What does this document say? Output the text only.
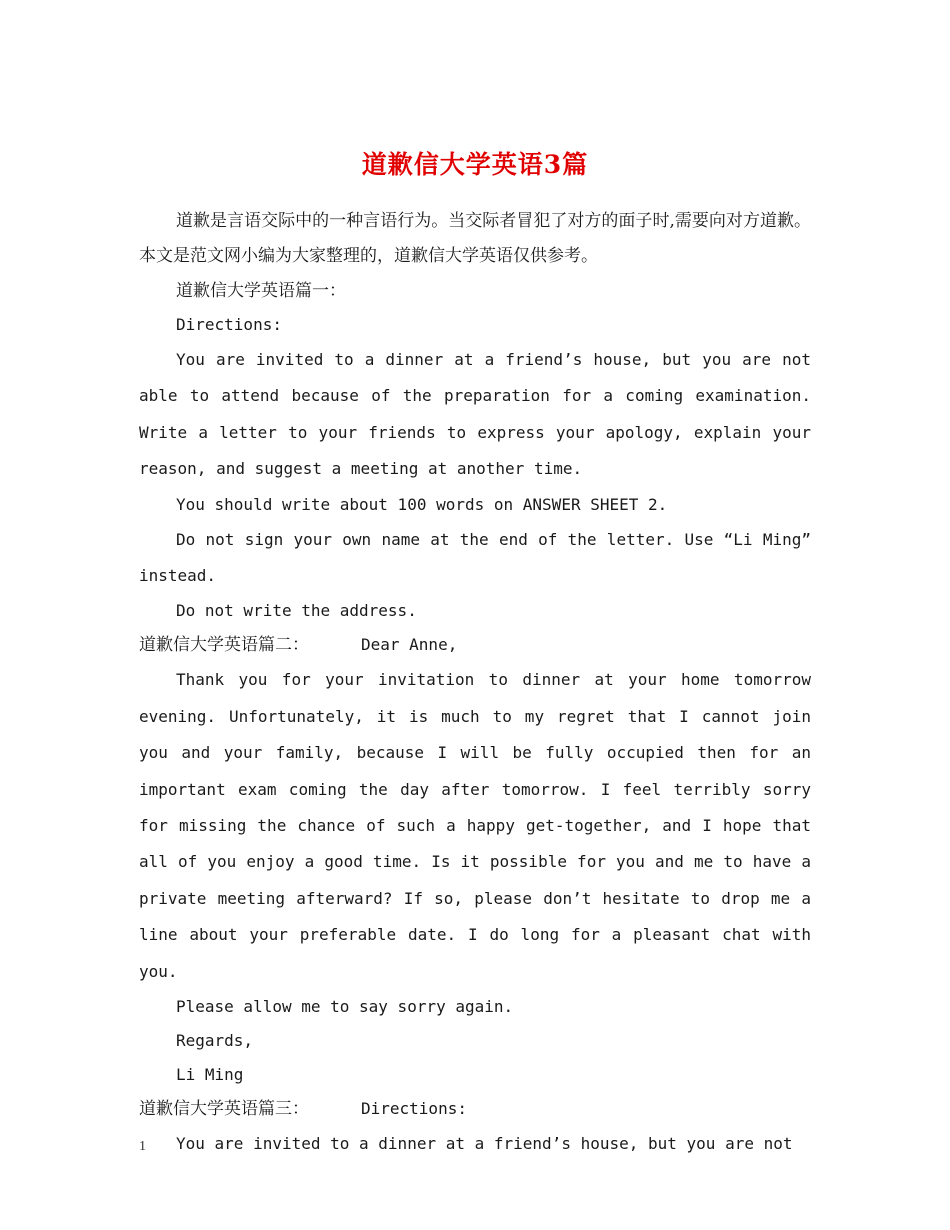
道歉信大学英语3篇

道歉是言语交际中的一种言语行为。当交际者冒犯了对方的面子时,需要向对方道歉。本文是范文网小编为大家整理的，道歉信大学英语仅供参考。

道歉信大学英语篇一：

Directions:

You are invited to a dinner at a friend’s house, but you are not able to attend because of the preparation for a coming examination. Write a letter to your friends to express your apology, explain your reason, and suggest a meeting at another time.

You should write about 100 words on ANSWER SHEET 2.

Do not sign your own name at the end of the letter. Use “Li Ming” instead.

Do not write the address.

道歉信大学英语篇二：	Dear Anne,

Thank you for your invitation to dinner at your home tomorrow evening. Unfortunately, it is much to my regret that I cannot join you and your family, because I will be fully occupied then for an important exam coming the day after tomorrow. I feel terribly sorry for missing the chance of such a happy get-together, and I hope that all of you enjoy a good time. Is it possible for you and me to have a private meeting afterward? If so, please don’t hesitate to drop me a line about your preferable date. I do long for a pleasant chat with you.

Please allow me to say sorry again.

Regards,

Li Ming

道歉信大学英语篇三：	Directions:

You are invited to a dinner at a friend’s house, but you are not

1
